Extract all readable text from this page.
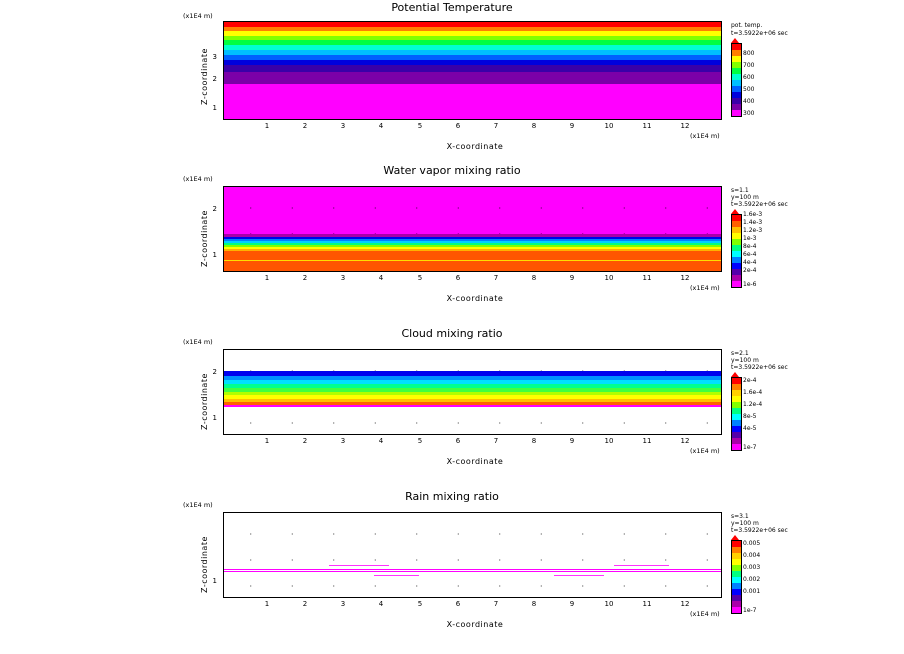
Potential Temperature
(x1E4 m)
Z-coordinate 3
2
1
1	2	3	4	5	6	7	8	9	10	11	12
(x1E4 m)
X-coordinate
pot. temp.
t=3.5922e+06 sec
800
700
600
500
400
300
Water vapor mixing ratio
(x1E4 m)
Z-coordinate
2
1
1	2	3	4	5	6	7	8	9	10	11	12
(x1E4 m)
X-coordinate
s=1.1
y=100 m
t=3.5922e+06 sec
1.6e-3
1.4e-3
1.2e-3
1e-3
8e-4
6e-4
4e-4
2e-4
1e-6
Cloud mixing ratio
(x1E4 m)
Z-coordinate
2
1
1	2	3	4	5	6	7	8	9	10	11	12
(x1E4 m)
X-coordinate
s=2.1
y=100 m
t=3.5922e+06 sec
2e-4
1.6e-4
1.2e-4
8e-5
4e-5
1e-7
Rain mixing ratio
(x1E4 m)
Z-coordinate 1
1	2	3	4	5	6	7	8	9	10	11	12
(x1E4 m)
X-coordinate
s=3.1
y=100 m
t=3.5922e+06 sec
0.005
0.004
0.003
0.002
0.001
1e-7
